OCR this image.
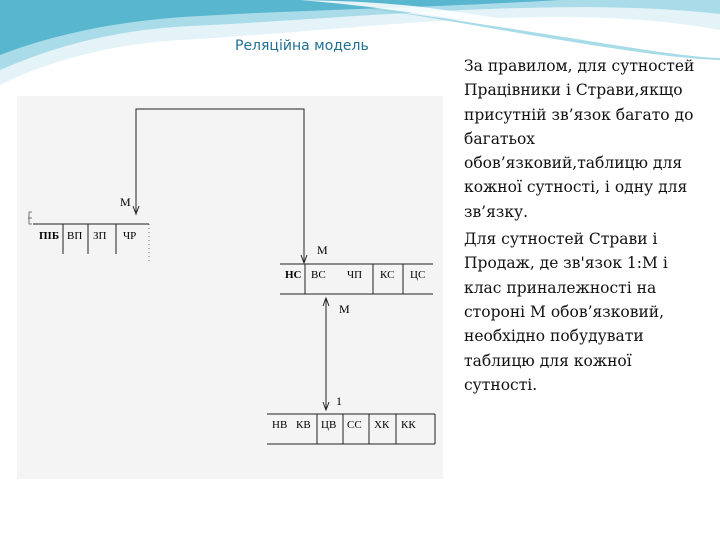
Реляційна модель
М
М
ПІБ ВП ЗП ЧР
НС ВС ЧП КС ЦС
М
1
НВ КВ ЦВ СС ХК КК

За правилом, для сутностей Працівники і Страви,якщо присутній зв’язок багато до багатьох обов’язковий,таблицю для кожної сутності, і одну для зв’язку.

Для сутностей Страви і Продаж, де зв'язок 1:М і клас приналежності на стороні М обов’язковий, необхідно побудувати таблицю для кожної сутності.
